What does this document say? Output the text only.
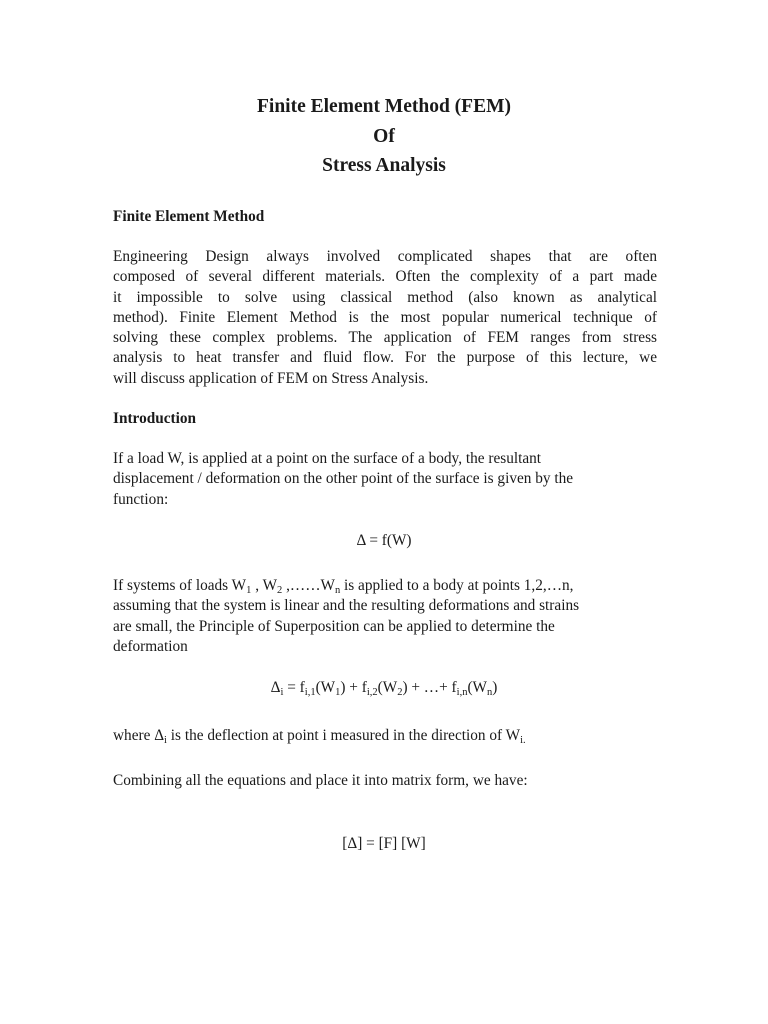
Finite Element Method (FEM)
Of
Stress Analysis
Finite Element Method
Engineering Design always involved complicated shapes that are often
composed of several different materials. Often the complexity of a part made
it impossible to solve using classical method (also known as analytical
method). Finite Element Method is the most popular numerical technique of
solving these complex problems. The application of FEM ranges from stress
analysis to heat transfer and fluid flow. For the purpose of this lecture, we
will discuss application of FEM on Stress Analysis.
Introduction
If a load W, is applied at a point on the surface of a body, the resultant
displacement / deformation on the other point of the surface is given by the
function:
Δ = f(W)
If systems of loads $W_1$ , $W_2$ $,\dots\dots W_n$ is applied to a body at points 1,2,…n,
assuming that the system is linear and the resulting deformations and strains
are small, the Principle of Superposition can be applied to determine the
deformation
$\Delta_i = f_{i,1}(W_1) + f_{i,2}(W_2)$ + …+ $f_{i,n}(W_n)$
where $\Delta_i$ is the deflection at point i measured in the direction of $W_{i.}$
Combining all the equations and place it into matrix form, we have:
[Δ] = [F] [W]
